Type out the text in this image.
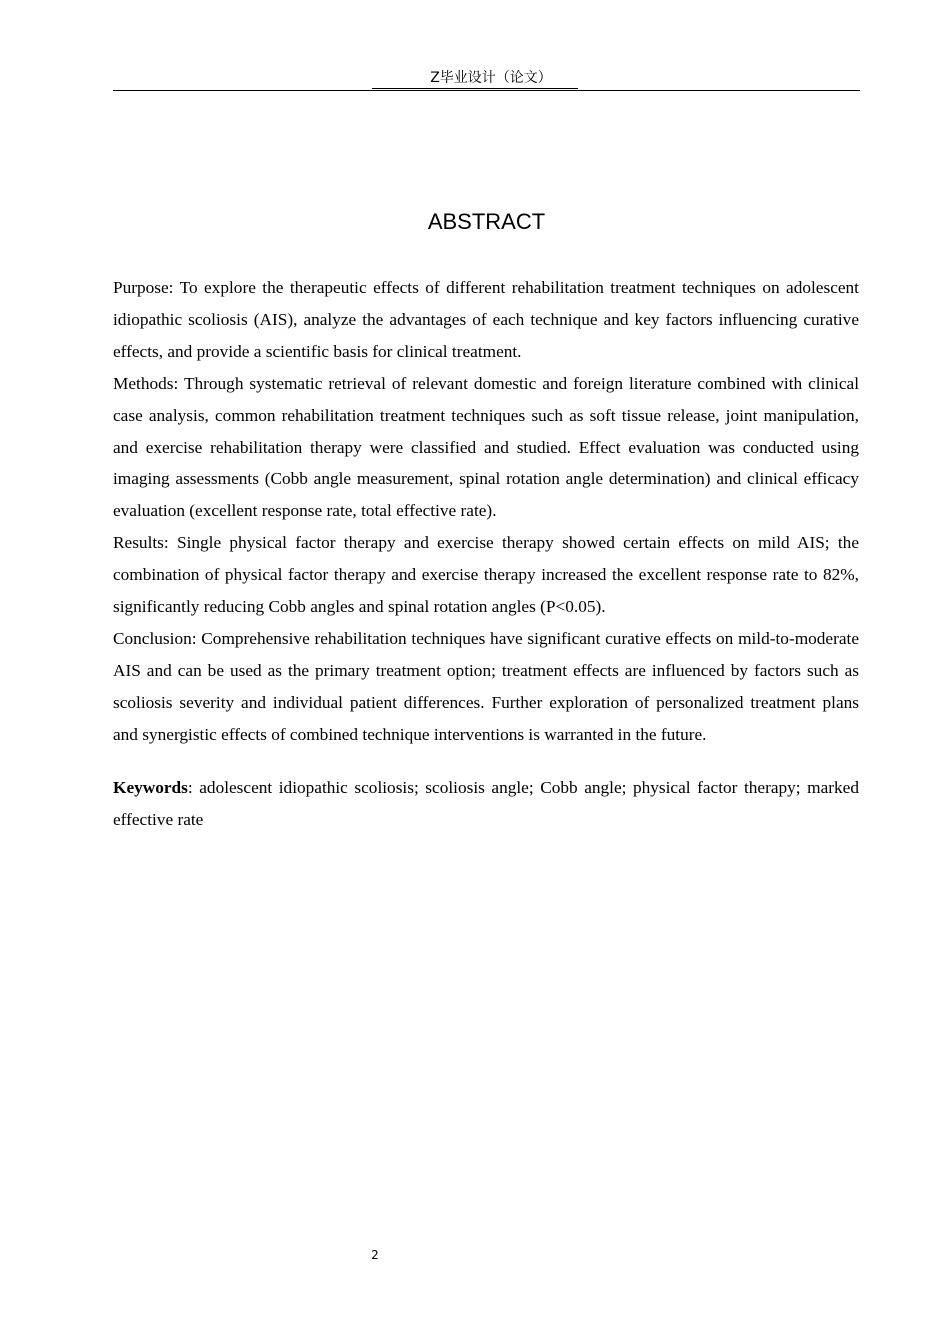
Z毕业设计（论文）
ABSTRACT

Purpose: To explore the therapeutic effects of different rehabilitation treatment techniques on adolescent idiopathic scoliosis (AIS), analyze the advantages of each technique and key factors influencing curative effects, and provide a scientific basis for clinical treatment.

Methods: Through systematic retrieval of relevant domestic and foreign literature combined with clinical case analysis, common rehabilitation treatment techniques such as soft tissue release, joint manipulation, and exercise rehabilitation therapy were classified and studied. Effect evaluation was conducted using imaging assessments (Cobb angle measurement, spinal rotation angle determination) and clinical efficacy evaluation (excellent response rate, total effective rate).

Results: Single physical factor therapy and exercise therapy showed certain effects on mild AIS; the combination of physical factor therapy and exercise therapy increased the excellent response rate to 82%, significantly reducing Cobb angles and spinal rotation angles (P<0.05).

Conclusion: Comprehensive rehabilitation techniques have significant curative effects on mild-to-moderate AIS and can be used as the primary treatment option; treatment effects are influenced by factors such as scoliosis severity and individual patient differences. Further exploration of personalized treatment plans and synergistic effects of combined technique interventions is warranted in the future.

Keywords: adolescent idiopathic scoliosis; scoliosis angle; Cobb angle; physical factor therapy; marked effective rate

2
